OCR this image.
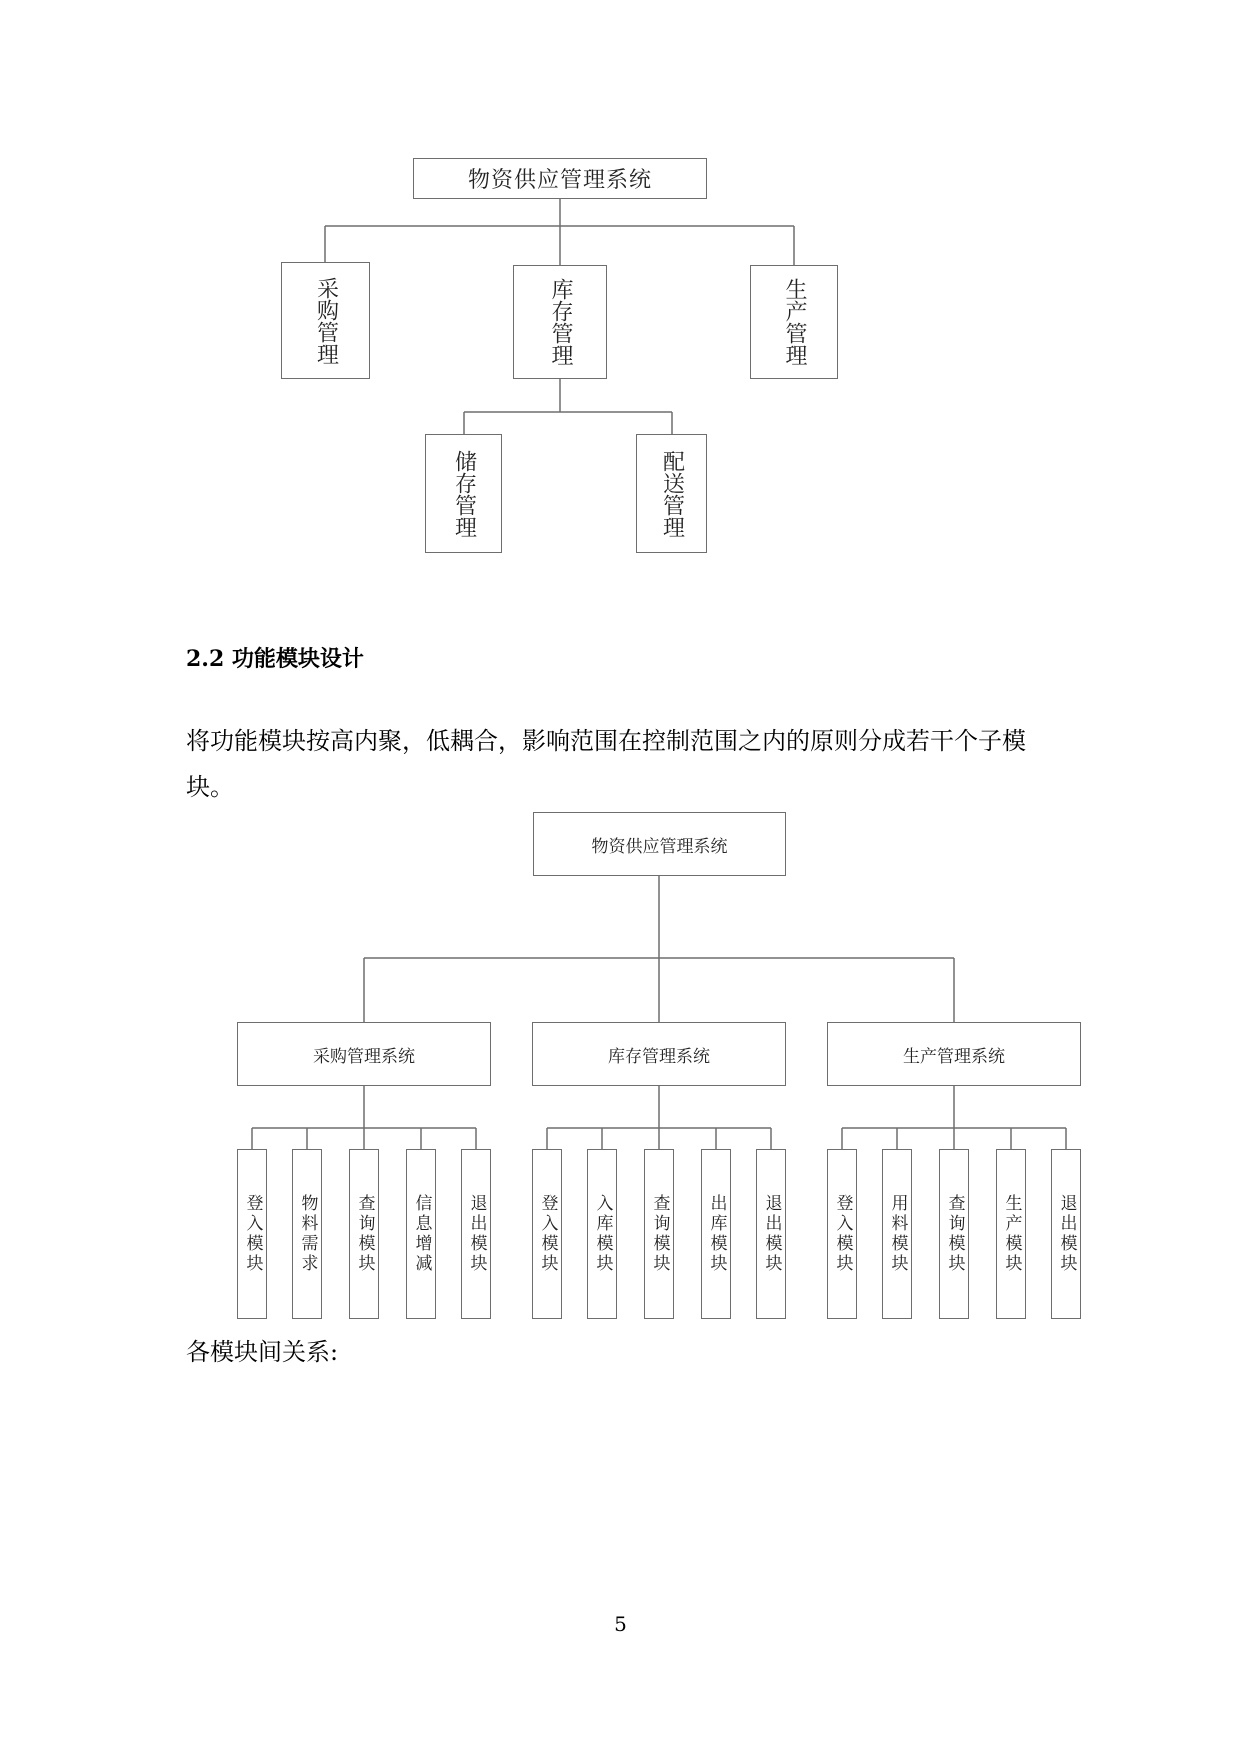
物资供应管理系统
采购管理	库存管理	生产管理
储存管理	配送管理
2.2 功能模块设计
将功能模块按高内聚，低耦合，影响范围在控制范围之内的原则分成若干个子模块。
物资供应管理系统
采购管理系统	库存管理系统	生产管理系统
登入模块 物料需求 查询模块 信息增减 退出模块	登入模块 入库模块 查询模块 出库模块 退出模块	登入模块 用料模块 查询模块 生产模块 退出模块
各模块间关系:
5
